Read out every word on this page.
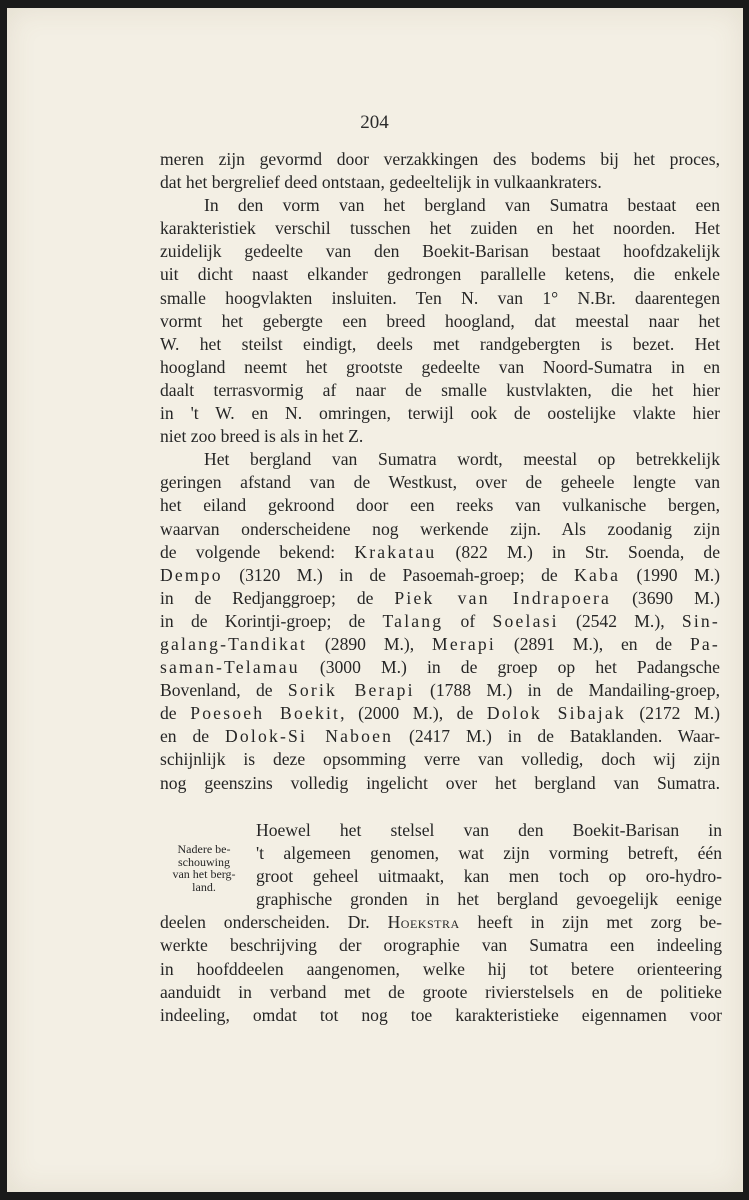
204
meren zijn gevormd door verzakkingen des bodems bij het proces,
dat het bergrelief deed ontstaan, gedeeltelijk in vulkaankraters.
In den vorm van het bergland van Sumatra bestaat een
karakteristiek verschil tusschen het zuiden en het noorden. Het
zuidelijk gedeelte van den Boekit-Barisan bestaat hoofdzakelijk
uit dicht naast elkander gedrongen parallelle ketens, die enkele
smalle hoogvlakten insluiten. Ten N. van 1° N.Br. daarentegen
vormt het gebergte een breed hoogland, dat meestal naar het
W. het steilst eindigt, deels met randgebergten is bezet. Het
hoogland neemt het grootste gedeelte van Noord-Sumatra in en
daalt terrasvormig af naar de smalle kustvlakten, die het hier
in 't W. en N. omringen, terwijl ook de oostelijke vlakte hier
niet zoo breed is als in het Z.
Het bergland van Sumatra wordt, meestal op betrekkelijk
geringen afstand van de Westkust, over de geheele lengte van
het eiland gekroond door een reeks van vulkanische bergen,
waarvan onderscheidene nog werkende zijn. Als zoodanig zijn
de volgende bekend: Krakatau (822 M.) in Str. Soenda, de
Dempo (3120 M.) in de Pasoemah-groep; de Kaba (1990 M.)
in de Redjanggroep; de Piek van Indrapoera (3690 M.)
in de Korintji-groep; de Talang of Soelasi (2542 M.), Sin-
galang-Tandikat (2890 M.), Merapi (2891 M.), en de Pa-
saman-Telamau (3000 M.) in de groep op het Padangsche
Bovenland, de Sorik Berapi (1788 M.) in de Mandailing-groep,
de Poesoeh Boekit, (2000 M.), de Dolok Sibajak (2172 M.)
en de Dolok-Si Naboen (2417 M.) in de Bataklanden. Waar-
schijnlijk is deze opsomming verre van volledig, doch wij zijn
nog geenszins volledig ingelicht over het bergland van Sumatra.
Nadere be-
schouwing
van het berg-
land.
Hoewel het stelsel van den Boekit-Barisan in
't algemeen genomen, wat zijn vorming betreft, één
groot geheel uitmaakt, kan men toch op oro-hydro-
graphische gronden in het bergland gevoegelijk eenige
deelen onderscheiden. Dr. Hoekstra heeft in zijn met zorg be-
werkte beschrijving der orographie van Sumatra een indeeling
in hoofddeelen aangenomen, welke hij tot betere orienteering
aanduidt in verband met de groote rivierstelsels en de politieke
indeeling, omdat tot nog toe karakteristieke eigennamen voor
